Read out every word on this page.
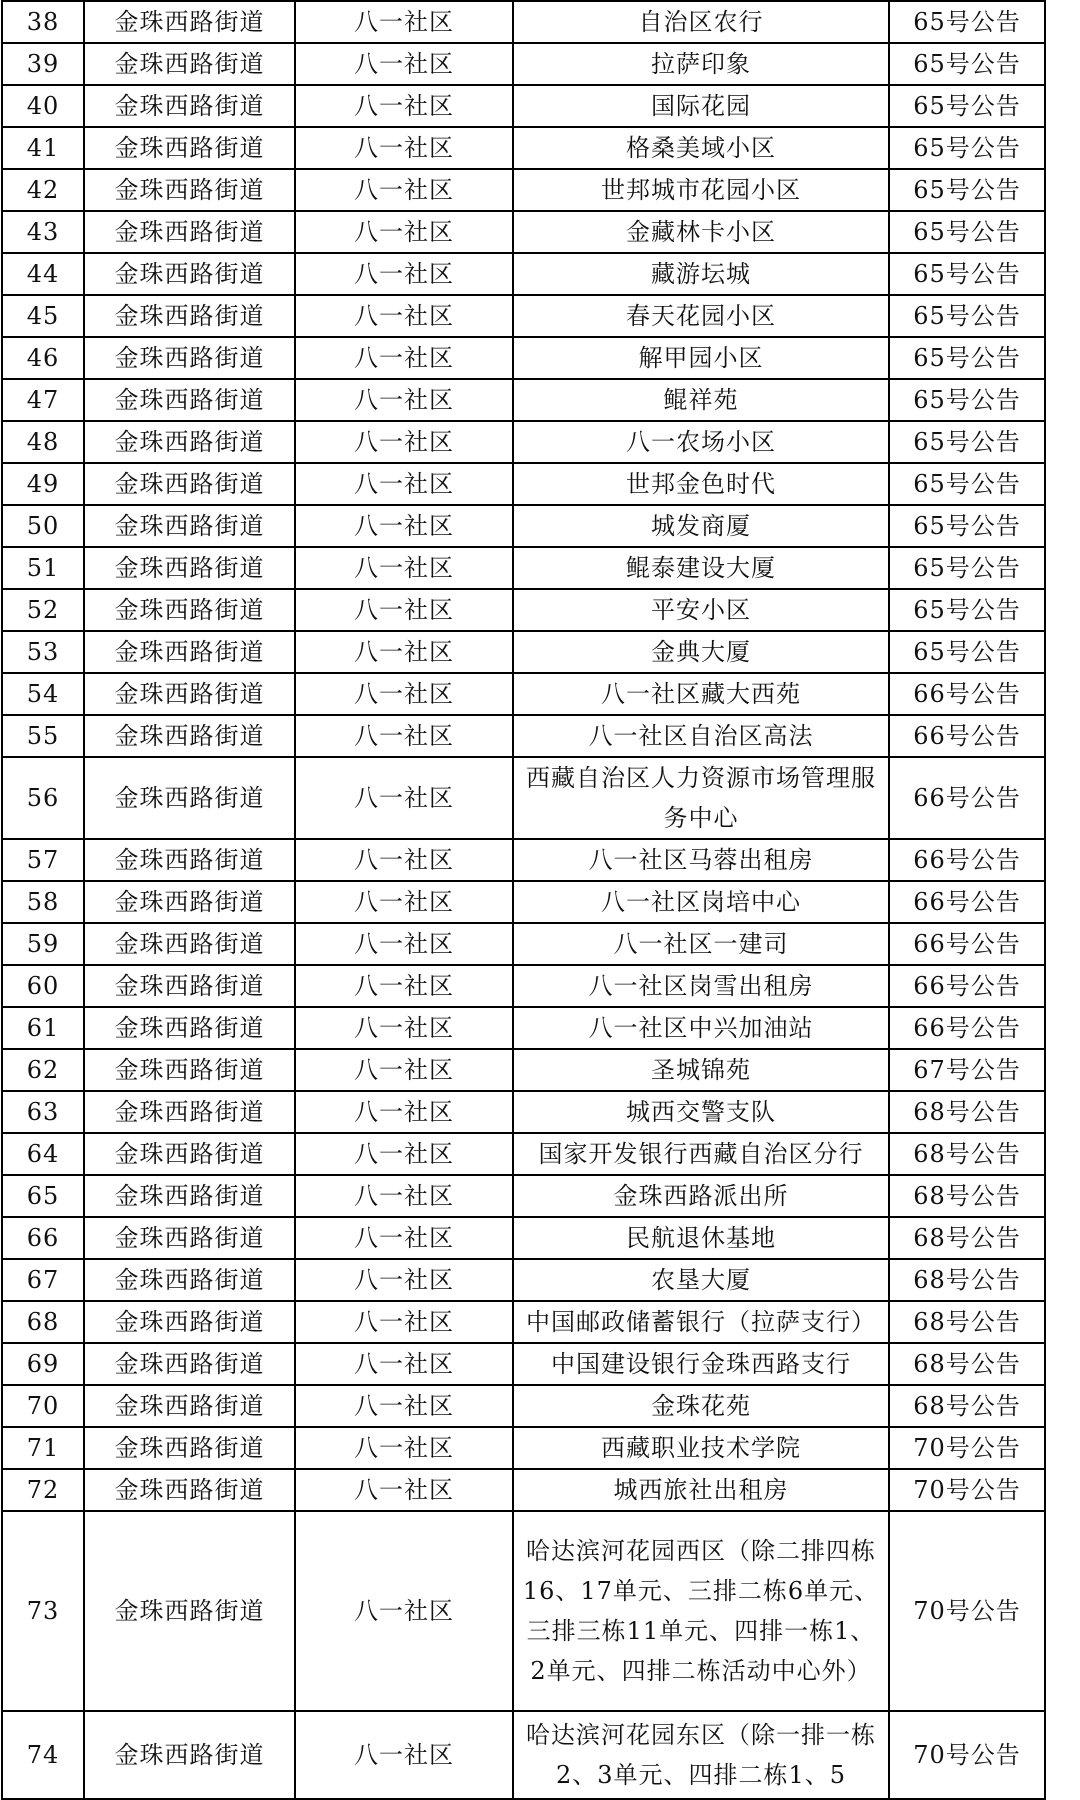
38	金珠西路街道	八一社区	自治区农行	65号公告
39	金珠西路街道	八一社区	拉萨印象	65号公告
40	金珠西路街道	八一社区	国际花园	65号公告
41	金珠西路街道	八一社区	格桑美域小区	65号公告
42	金珠西路街道	八一社区	世邦城市花园小区	65号公告
43	金珠西路街道	八一社区	金藏林卡小区	65号公告
44	金珠西路街道	八一社区	藏游坛城	65号公告
45	金珠西路街道	八一社区	春天花园小区	65号公告
46	金珠西路街道	八一社区	解甲园小区	65号公告
47	金珠西路街道	八一社区	鲲祥苑	65号公告
48	金珠西路街道	八一社区	八一农场小区	65号公告
49	金珠西路街道	八一社区	世邦金色时代	65号公告
50	金珠西路街道	八一社区	城发商厦	65号公告
51	金珠西路街道	八一社区	鲲泰建设大厦	65号公告
52	金珠西路街道	八一社区	平安小区	65号公告
53	金珠西路街道	八一社区	金典大厦	65号公告
54	金珠西路街道	八一社区	八一社区藏大西苑	66号公告
55	金珠西路街道	八一社区	八一社区自治区高法	66号公告
56	金珠西路街道	八一社区	西藏自治区人力资源市场管理服务中心	66号公告
57	金珠西路街道	八一社区	八一社区马蓉出租房	66号公告
58	金珠西路街道	八一社区	八一社区岗培中心	66号公告
59	金珠西路街道	八一社区	八一社区一建司	66号公告
60	金珠西路街道	八一社区	八一社区岗雪出租房	66号公告
61	金珠西路街道	八一社区	八一社区中兴加油站	66号公告
62	金珠西路街道	八一社区	圣城锦苑	67号公告
63	金珠西路街道	八一社区	城西交警支队	68号公告
64	金珠西路街道	八一社区	国家开发银行西藏自治区分行	68号公告
65	金珠西路街道	八一社区	金珠西路派出所	68号公告
66	金珠西路街道	八一社区	民航退休基地	68号公告
67	金珠西路街道	八一社区	农垦大厦	68号公告
68	金珠西路街道	八一社区	中国邮政储蓄银行（拉萨支行）	68号公告
69	金珠西路街道	八一社区	中国建设银行金珠西路支行	68号公告
70	金珠西路街道	八一社区	金珠花苑	68号公告
71	金珠西路街道	八一社区	西藏职业技术学院	70号公告
72	金珠西路街道	八一社区	城西旅社出租房	70号公告
73	金珠西路街道	八一社区	哈达滨河花园西区（除二排四栋16、17单元、三排二栋6单元、三排三栋11单元、四排一栋1、2单元、四排二栋活动中心外）	70号公告
74	金珠西路街道	八一社区	哈达滨河花园东区（除一排一栋2、3单元、四排二栋1、5	70号公告
